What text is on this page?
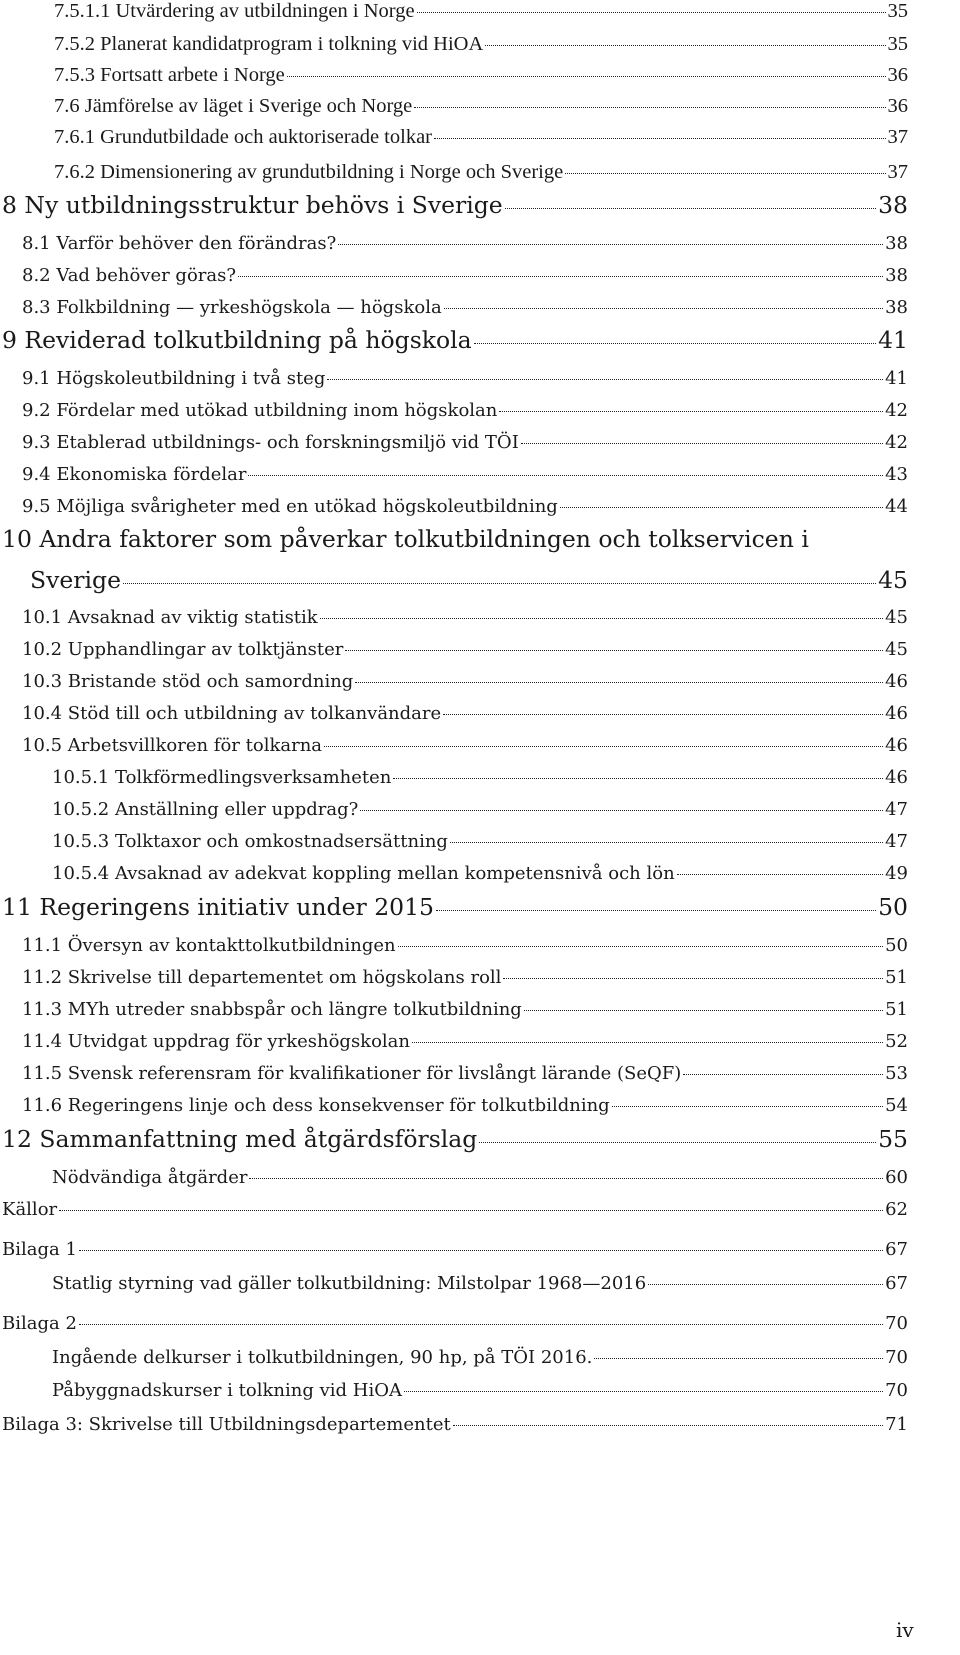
7.5.1.1 Utvärdering av utbildningen i Norge	35
7.5.2 Planerat kandidatprogram i tolkning vid HiOA	35
7.5.3 Fortsatt arbete i Norge	36
7.6 Jämförelse av läget i Sverige och Norge	36
7.6.1 Grundutbildade och auktoriserade tolkar	37
7.6.2 Dimensionering av grundutbildning i Norge och Sverige	37
8 Ny utbildningsstruktur behövs i Sverige	38
8.1 Varför behöver den förändras?	38
8.2 Vad behöver göras?	38
8.3 Folkbildning — yrkeshögskola — högskola	38
9 Reviderad tolkutbildning på högskola	41
9.1 Högskoleutbildning i två steg	41
9.2 Fördelar med utökad utbildning inom högskolan	42
9.3 Etablerad utbildnings- och forskningsmiljö vid TÖI	42
9.4 Ekonomiska fördelar	43
9.5 Möjliga svårigheter med en utökad högskoleutbildning	44
10 Andra faktorer som påverkar tolkutbildningen och tolkservicen i
Sverige	45
10.1 Avsaknad av viktig statistik	45
10.2 Upphandlingar av tolktjänster	45
10.3 Bristande stöd och samordning	46
10.4 Stöd till och utbildning av tolkanvändare	46
10.5 Arbetsvillkoren för tolkarna	46
10.5.1 Tolkförmedlingsverksamheten	46
10.5.2 Anställning eller uppdrag?	47
10.5.3 Tolktaxor och omkostnadsersättning	47
10.5.4 Avsaknad av adekvat koppling mellan kompetensnivå och lön	49
11 Regeringens initiativ under 2015	50
11.1 Översyn av kontakttolkutbildningen	50
11.2 Skrivelse till departementet om högskolans roll	51
11.3 MYh utreder snabbspår och längre tolkutbildning	51
11.4 Utvidgat uppdrag för yrkeshögskolan	52
11.5 Svensk referensram för kvalifikationer för livslångt lärande (SeQF)	53
11.6 Regeringens linje och dess konsekvenser för tolkutbildning	54
12 Sammanfattning med åtgärdsförslag	55
Nödvändiga åtgärder	60
Källor	62
Bilaga 1	67
Statlig styrning vad gäller tolkutbildning: Milstolpar 1968—2016	67
Bilaga 2	70
Ingående delkurser i tolkutbildningen, 90 hp, på TÖI 2016.	70
Påbyggnadskurser i tolkning vid HiOA	70
Bilaga 3: Skrivelse till Utbildningsdepartementet	71
iv
